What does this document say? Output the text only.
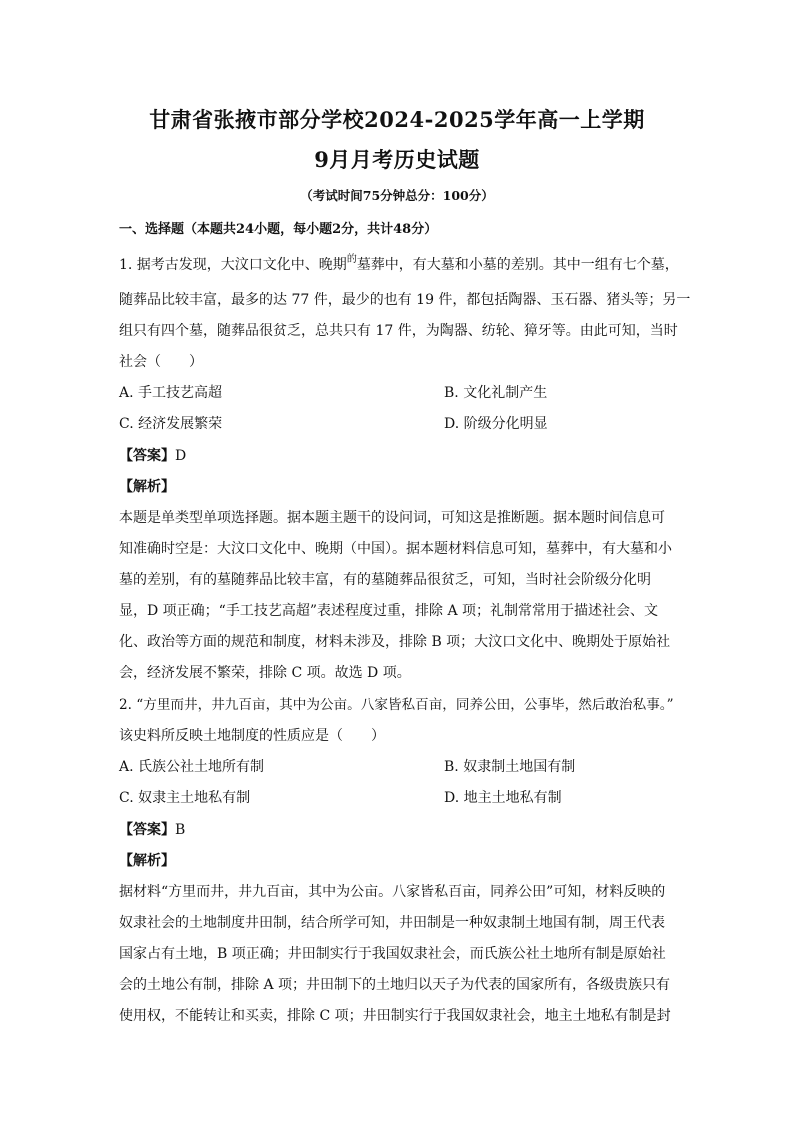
甘肃省张掖市部分学校2024-2025学年高一上学期
9月月考历史试题
（考试时间75分钟总分：100分）
一、选择题（本题共24小题，每小题2分，共计48分）
1. 据考古发现，大汶口文化中、晚期$^的$墓葬中，有大墓和小墓的差别。其中一组有七个墓，
随葬品比较丰富，最多的达 77 件，最少的也有 19 件，都包括陶器、玉石器、猪头等；另一
组只有四个墓，随葬品很贫乏，总共只有 17 件，为陶器、纺轮、獐牙等。由此可知，当时
社会（　　）
A. 手工技艺高超	B. 文化礼制产生
C. 经济发展繁荣	D. 阶级分化明显
【答案】D
【解析】
本题是单类型单项选择题。据本题主题干的设问词，可知这是推断题。据本题时间信息可
知准确时空是：大汶口文化中、晚期（中国）。据本题材料信息可知，墓葬中，有大墓和小
墓的差别，有的墓随葬品比较丰富，有的墓随葬品很贫乏，可知，当时社会阶级分化明
显，D 项正确；“手工技艺高超”表述程度过重，排除 A 项；礼制常常用于描述社会、文
化、政治等方面的规范和制度，材料未涉及，排除 B 项；大汶口文化中、晚期处于原始社
会，经济发展不繁荣，排除 C 项。故选 D 项。
2. “方里而井，井九百亩，其中为公亩。八家皆私百亩，同养公田，公事毕，然后敢治私事。”
该史料所反映土地制度的性质应是（　　）
A. 氏族公社土地所有制	B. 奴隶制土地国有制
C. 奴隶主土地私有制	D. 地主土地私有制
【答案】B
【解析】
据材料“方里而井，井九百亩，其中为公亩。八家皆私百亩，同养公田”可知，材料反映的
奴隶社会的土地制度井田制，结合所学可知，井田制是一种奴隶制土地国有制，周王代表
国家占有土地，B 项正确；井田制实行于我国奴隶社会，而氏族公社土地所有制是原始社
会的土地公有制，排除 A 项；井田制下的土地归以天子为代表的国家所有，各级贵族只有
使用权，不能转让和买卖，排除 C 项；井田制实行于我国奴隶社会，地主土地私有制是封
